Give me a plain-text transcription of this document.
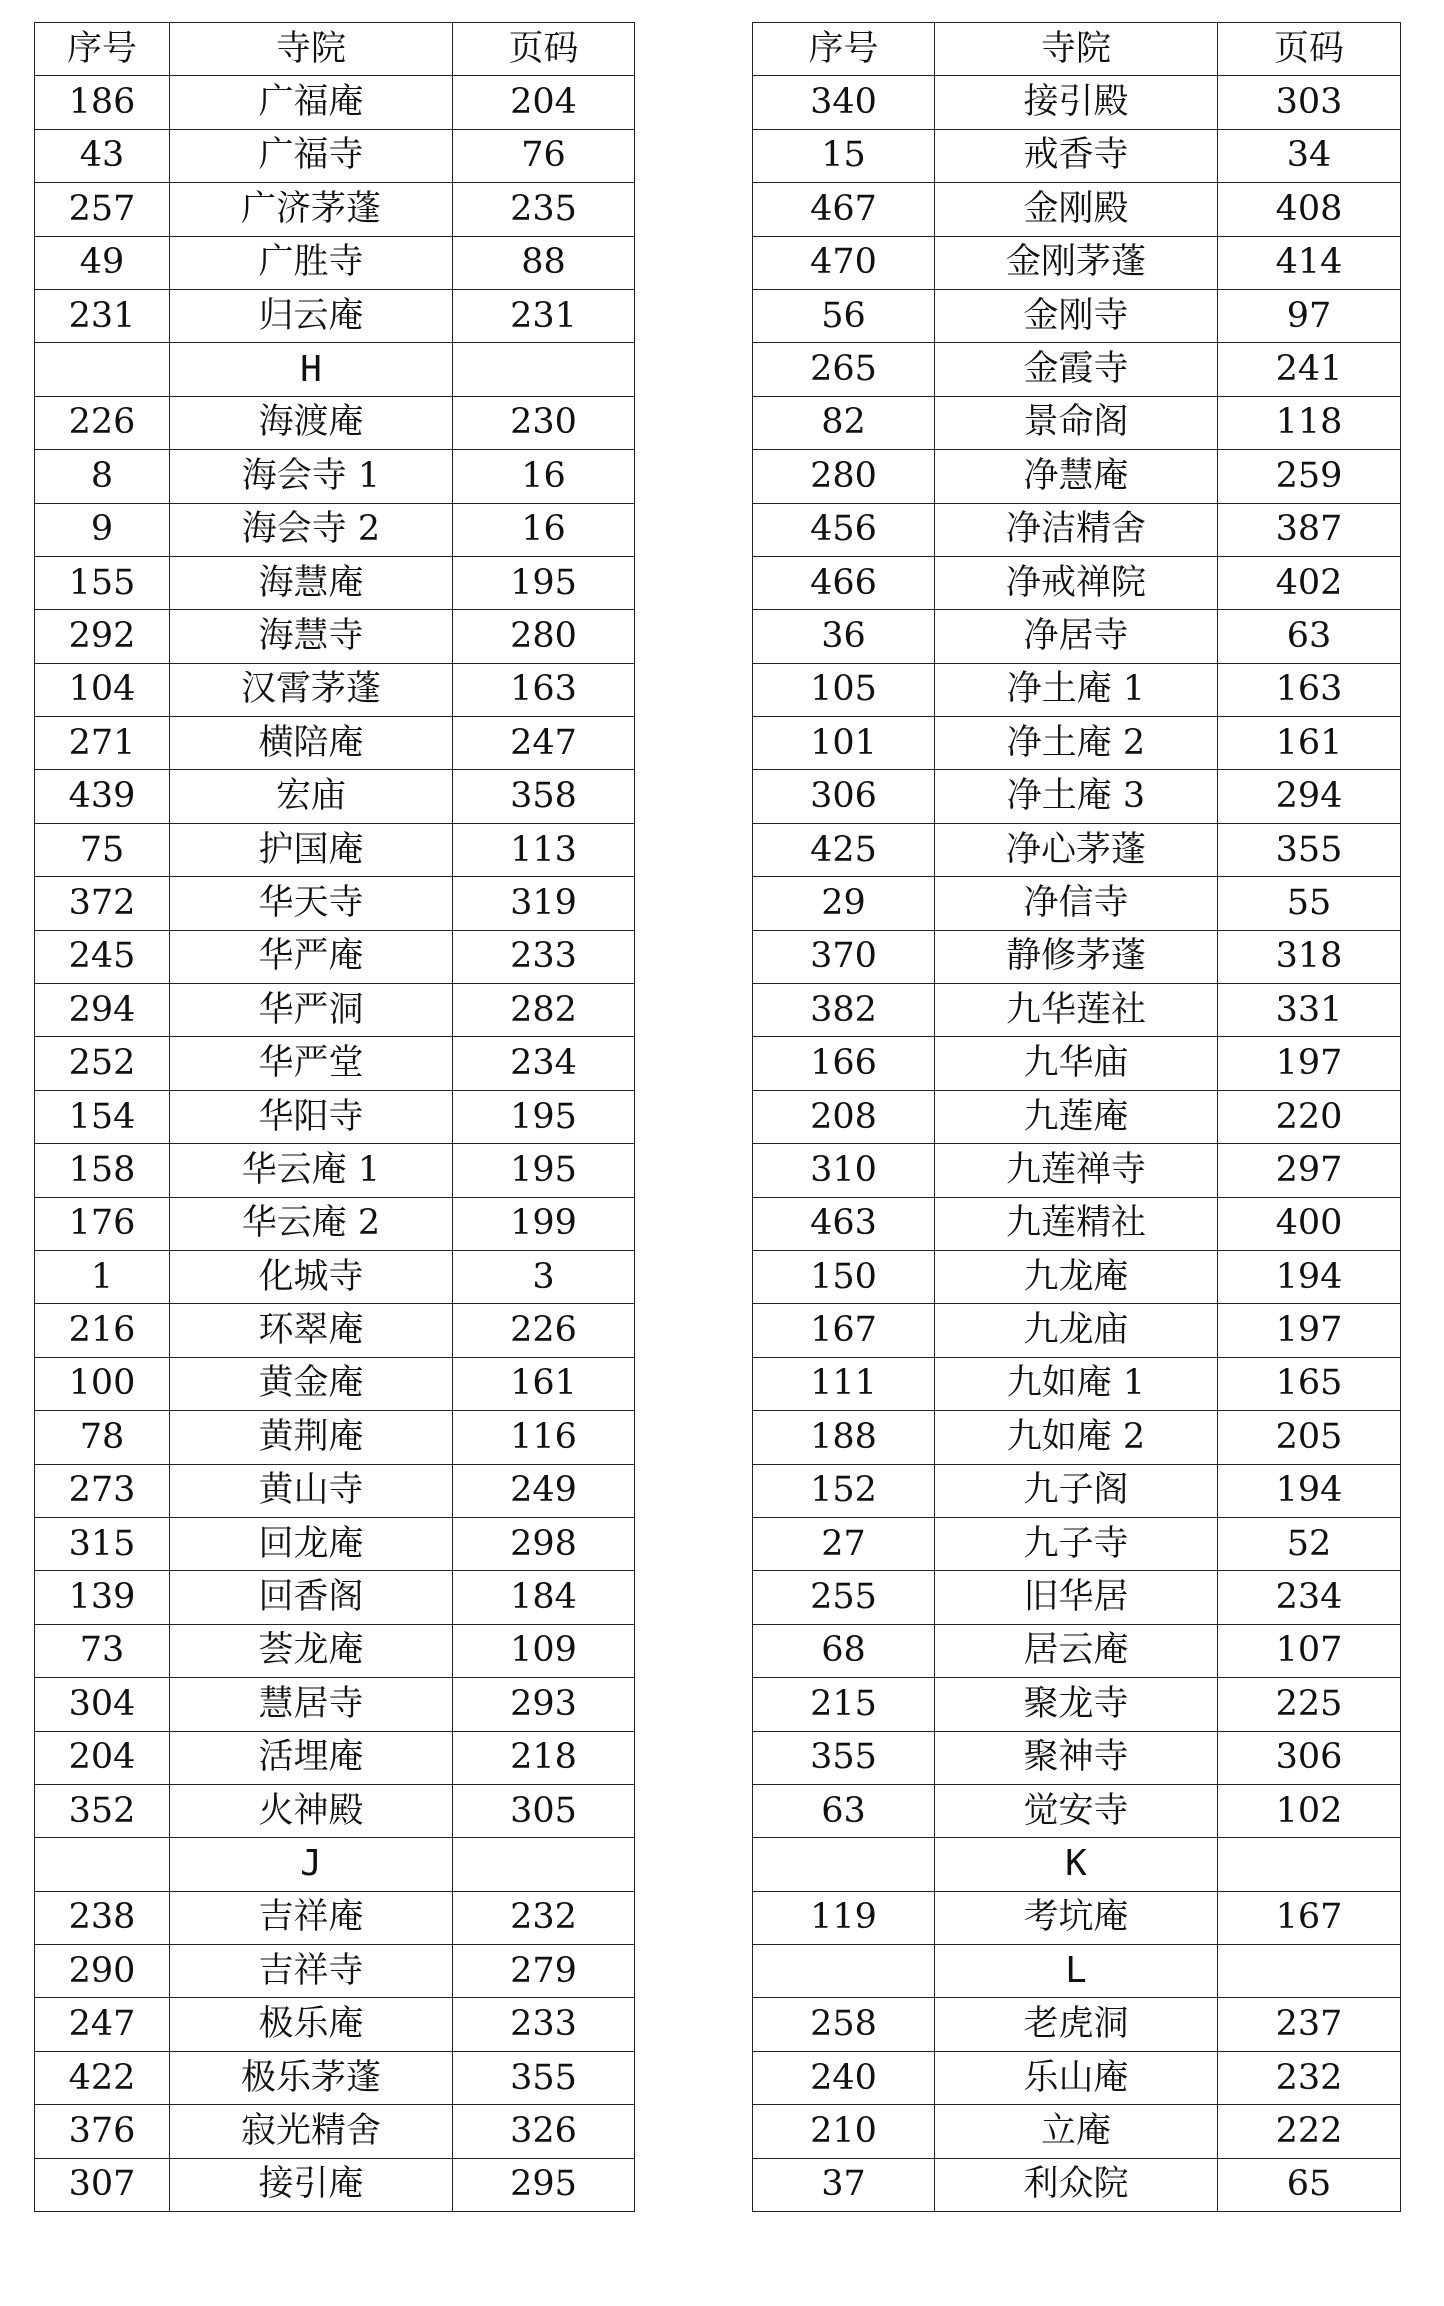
序号	寺院	页码
186	广福庵	204
43	广福寺	76
257	广济茅蓬	235
49	广胜寺	88
231	归云庵	231
	H	
226	海渡庵	230
8	海会寺 1	16
9	海会寺 2	16
155	海慧庵	195
292	海慧寺	280
104	汉霄茅蓬	163
271	横陪庵	247
439	宏庙	358
75	护国庵	113
372	华天寺	319
245	华严庵	233
294	华严洞	282
252	华严堂	234
154	华阳寺	195
158	华云庵 1	195
176	华云庵 2	199
1	化城寺	3
216	环翠庵	226
100	黄金庵	161
78	黄荆庵	116
273	黄山寺	249
315	回龙庵	298
139	回香阁	184
73	荟龙庵	109
304	慧居寺	293
204	活埋庵	218
352	火神殿	305
	J	
238	吉祥庵	232
290	吉祥寺	279
247	极乐庵	233
422	极乐茅蓬	355
376	寂光精舍	326
307	接引庵	295
序号	寺院	页码
340	接引殿	303
15	戒香寺	34
467	金刚殿	408
470	金刚茅蓬	414
56	金刚寺	97
265	金霞寺	241
82	景命阁	118
280	净慧庵	259
456	净洁精舍	387
466	净戒禅院	402
36	净居寺	63
105	净土庵 1	163
101	净土庵 2	161
306	净土庵 3	294
425	净心茅蓬	355
29	净信寺	55
370	静修茅蓬	318
382	九华莲社	331
166	九华庙	197
208	九莲庵	220
310	九莲禅寺	297
463	九莲精社	400
150	九龙庵	194
167	九龙庙	197
111	九如庵 1	165
188	九如庵 2	205
152	九子阁	194
27	九子寺	52
255	旧华居	234
68	居云庵	107
215	聚龙寺	225
355	聚神寺	306
63	觉安寺	102
	K	
119	考坑庵	167
	L	
258	老虎洞	237
240	乐山庵	232
210	立庵	222
37	利众院	65
